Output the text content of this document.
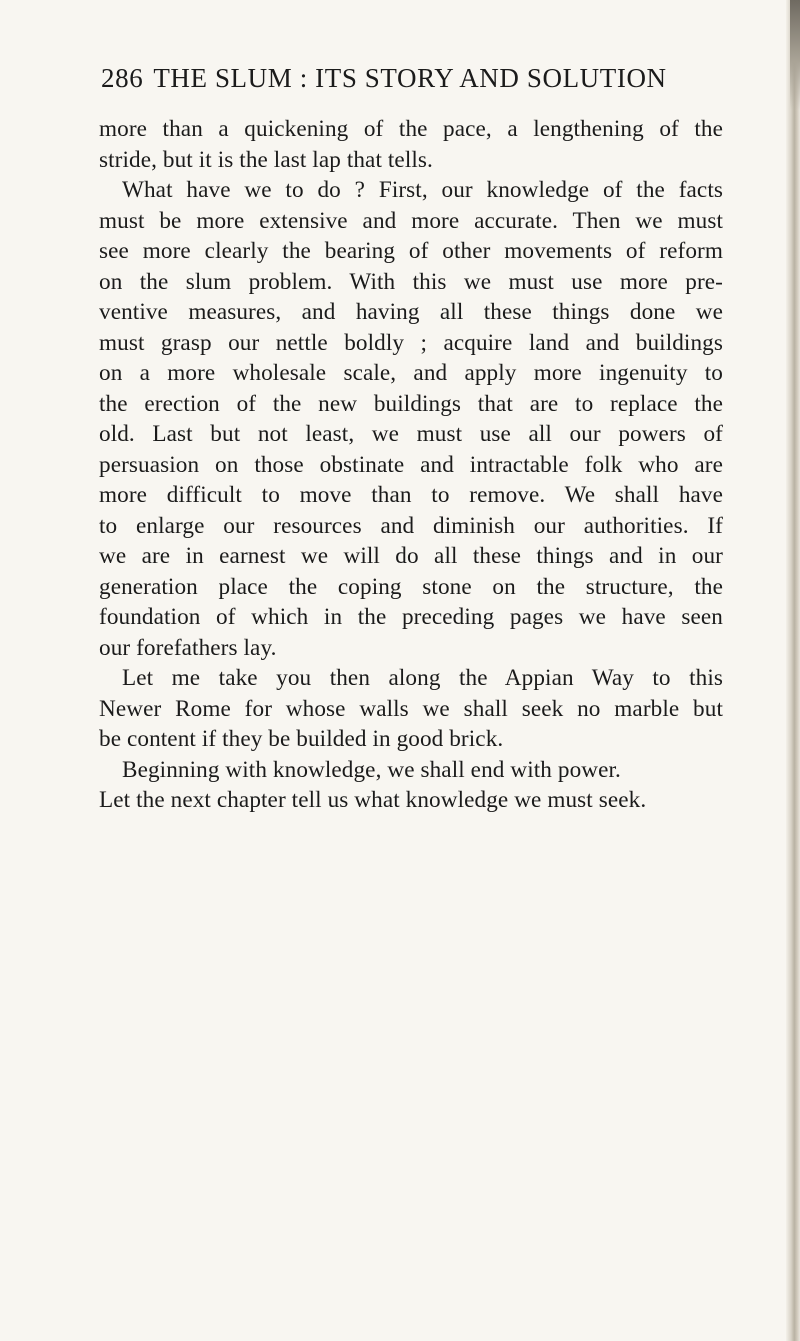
286 THE SLUM : ITS STORY AND SOLUTION
more than a quickening of the pace, a lengthening of the
stride, but it is the last lap that tells.
What have we to do ? First, our knowledge of the facts
must be more extensive and more accurate. Then we must
see more clearly the bearing of other movements of reform
on the slum problem. With this we must use more pre-
ventive measures, and having all these things done we
must grasp our nettle boldly ; acquire land and buildings
on a more wholesale scale, and apply more ingenuity to
the erection of the new buildings that are to replace the
old. Last but not least, we must use all our powers of
persuasion on those obstinate and intractable folk who are
more difficult to move than to remove. We shall have
to enlarge our resources and diminish our authorities. If
we are in earnest we will do all these things and in our
generation place the coping stone on the structure, the
foundation of which in the preceding pages we have seen
our forefathers lay.
Let me take you then along the Appian Way to this
Newer Rome for whose walls we shall seek no marble but
be content if they be builded in good brick.
Beginning with knowledge, we shall end with power.
Let the next chapter tell us what knowledge we must seek.
